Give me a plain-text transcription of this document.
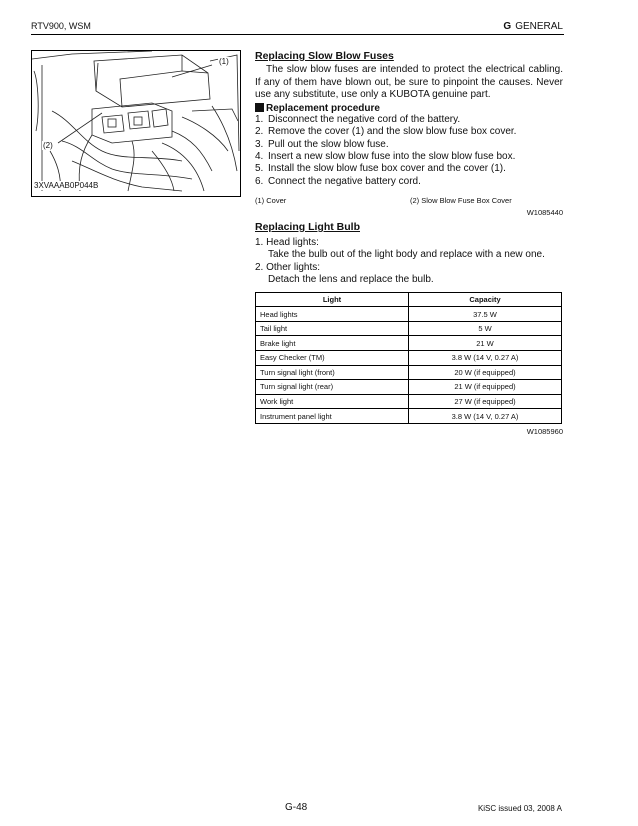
RTV900, WSM	G GENERAL
(1)
(2)
3XVAAAB0P044B
Replacing Slow Blow Fuses

The slow blow fuses are intended to protect the electrical cabling. If any of them have blown out, be sure to pinpoint the causes. Never use any substitute, use only a KUBOTA genuine part.

Replacement procedure
1. Disconnect the negative cord of the battery.
2. Remove the cover (1) and the slow blow fuse box cover.
3. Pull out the slow blow fuse.
4. Insert a new slow blow fuse into the slow blow fuse box.
5. Install the slow blow fuse box cover and the cover (1).
6. Connect the negative battery cord.
(1) Cover	(2) Slow Blow Fuse Box Cover
W1085440
Replacing Light Bulb
1. Head lights:
Take the bulb out of the light body and replace with a new one.
2. Other lights:
Detach the lens and replace the bulb.
Light	Capacity
Head lights	37.5 W
Tail light	5 W
Brake light	21 W
Easy Checker (TM)	3.8 W (14 V, 0.27 A)
Turn signal light (front)	20 W (if equipped)
Turn signal light (rear)	21 W (if equipped)
Work light	27 W (if equipped)
Instrument panel light	3.8 W (14 V, 0.27 A)
W1085960
G-48	KiSC issued 03, 2008 A
